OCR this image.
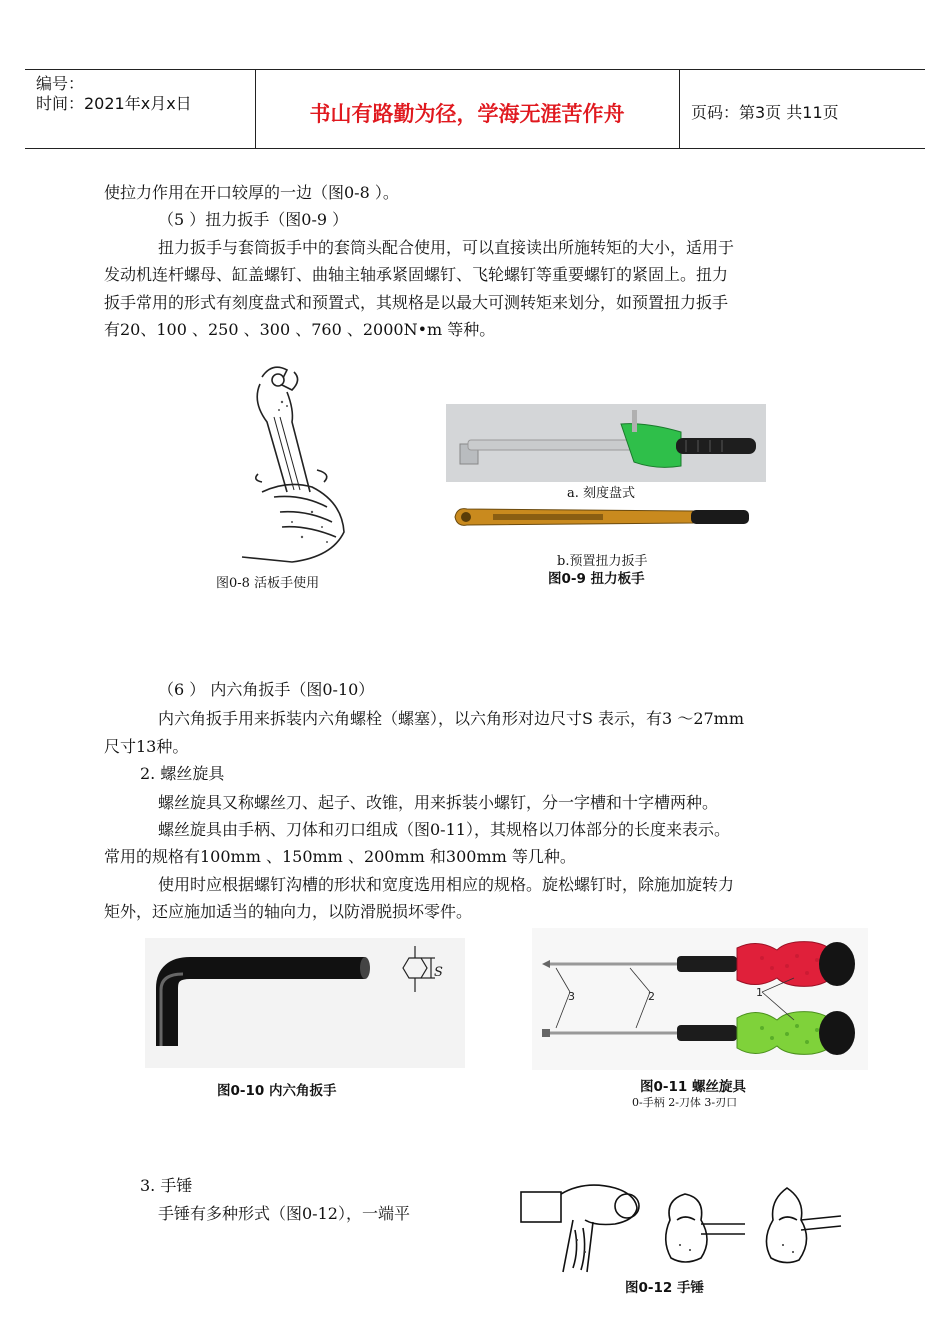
编号：
时间：2021年x月x日	书山有路勤为径，学海无涯苦作舟	页码：第3页 共11页
使拉力作用在开口较厚的一边（图0-8 ）。
（5 ）扭力扳手（图0-9 ）
扭力扳手与套筒扳手中的套筒头配合使用，可以直接读出所施转矩的大小，适用于
发动机连杆螺母、缸盖螺钉、曲轴主轴承紧固螺钉、飞轮螺钉等重要螺钉的紧固上。扭力
扳手常用的形式有刻度盘式和预置式，其规格是以最大可测转矩来划分，如预置扭力扳手
有20、100 、250 、300 、760 、2000N•m 等种。
图0-8 活板手使用
a. 刻度盘式
b.预置扭力扳手
图0-9 扭力板手
（6 ） 内六角扳手（图0-10）
内六角扳手用来拆装内六角螺栓（螺塞），以六角形对边尺寸S 表示，有3 ～27mm
尺寸13种。
2. 螺丝旋具
螺丝旋具又称螺丝刀、起子、改锥，用来拆装小螺钉，分一字槽和十字槽两种。
螺丝旋具由手柄、刀体和刃口组成（图0-11），其规格以刀体部分的长度来表示。
常用的规格有100mm 、150mm 、200mm 和300mm 等几种。
使用时应根据螺钉沟槽的形状和宽度选用相应的规格。旋松螺钉时，除施加旋转力
矩外，还应施加适当的轴向力，以防滑脱损坏零件。
S
图0-10 内六角扳手
3	2	1
图0-11 螺丝旋具
0-手柄 2-刀体 3-刃口
3. 手锤
手锤有多种形式（图0-12），一端平
图0-12 手锤
